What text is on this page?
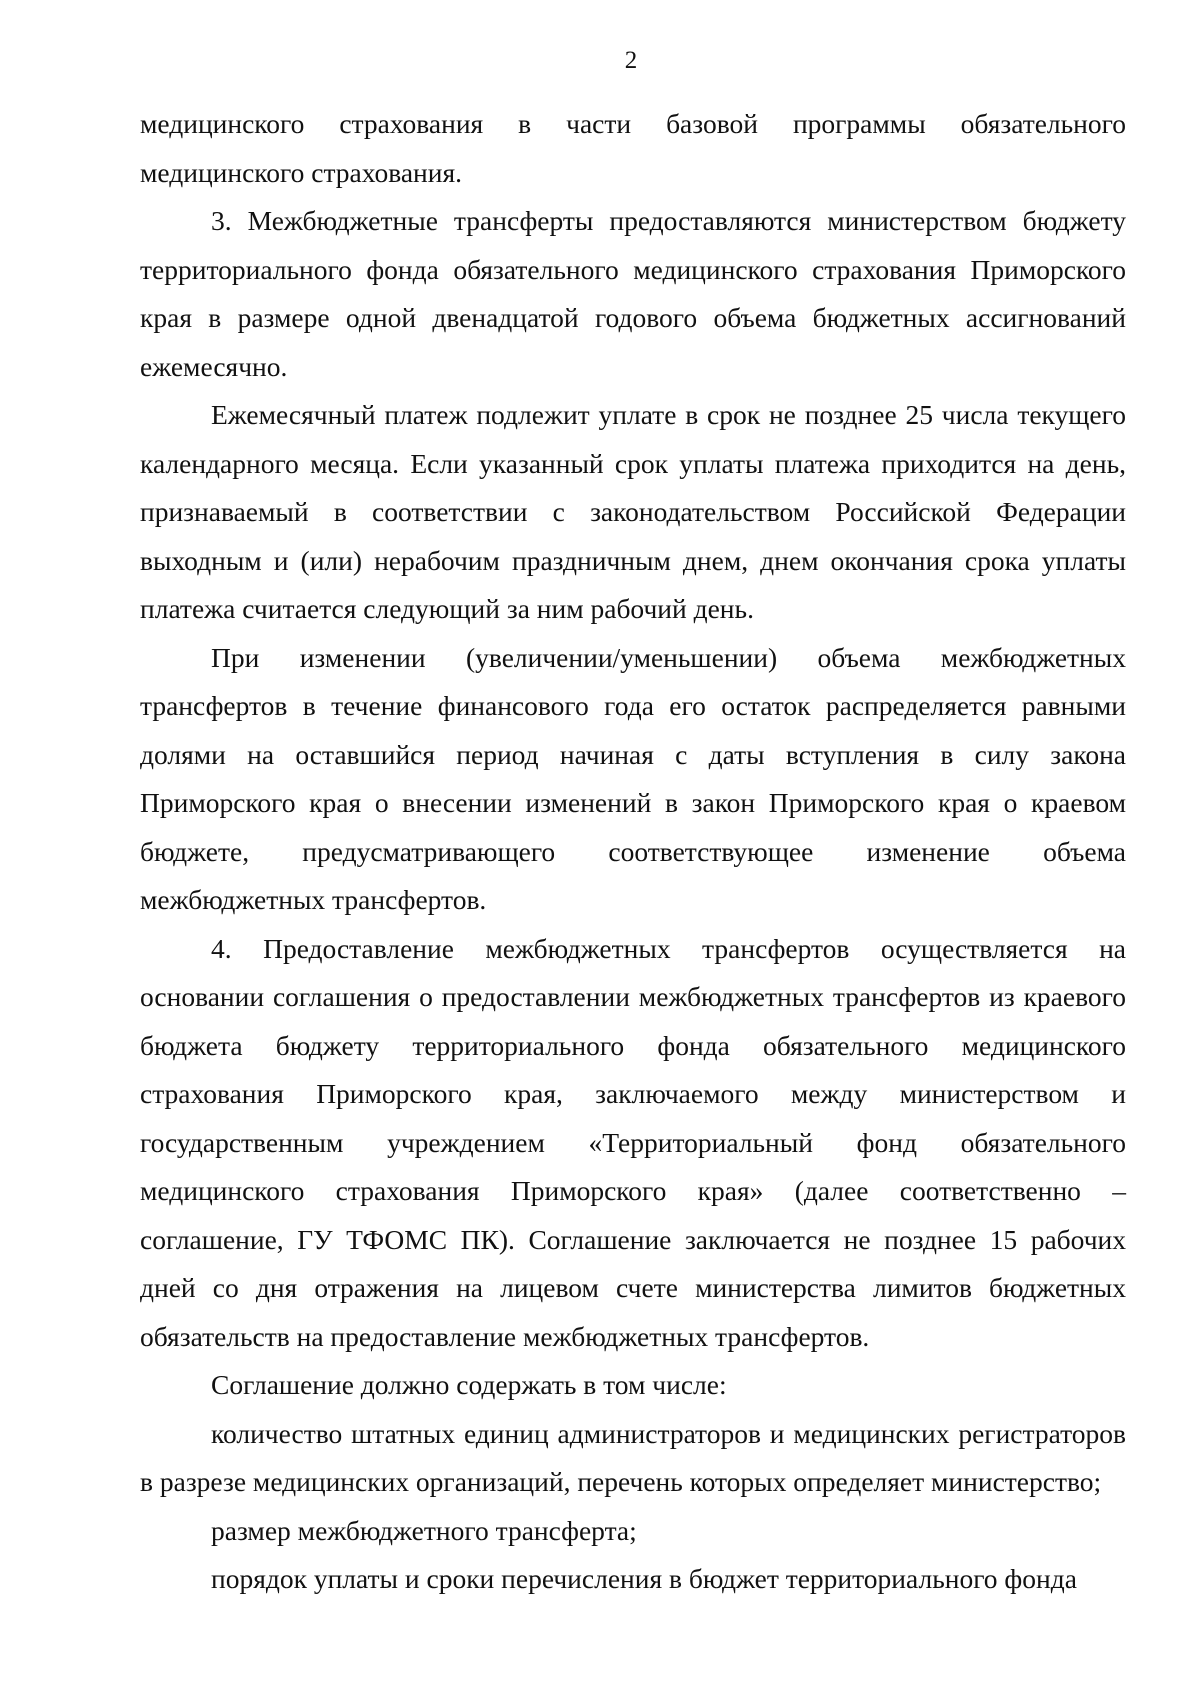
2

медицинского страхования в части базовой программы обязательного медицинского страхования.

3. Межбюджетные трансферты предоставляются министерством бюджету территориального фонда обязательного медицинского страхования Приморского края в размере одной двенадцатой годового объема бюджетных ассигнований ежемесячно.

Ежемесячный платеж подлежит уплате в срок не позднее 25 числа текущего календарного месяца. Если указанный срок уплаты платежа приходится на день, признаваемый в соответствии с законодательством Российской Федерации выходным и (или) нерабочим праздничным днем, днем окончания срока уплаты платежа считается следующий за ним рабочий день.

При изменении (увеличении/уменьшении) объема межбюджетных трансфертов в течение финансового года его остаток распределяется равными долями на оставшийся период начиная с даты вступления в силу закона Приморского края о внесении изменений в закон Приморского края о краевом бюджете, предусматривающего соответствующее изменение объема межбюджетных трансфертов.

4. Предоставление межбюджетных трансфертов осуществляется на основании соглашения о предоставлении межбюджетных трансфертов из краевого бюджета бюджету территориального фонда обязательного медицинского страхования Приморского края, заключаемого между министерством и государственным учреждением «Территориальный фонд обязательного медицинского страхования Приморского края» (далее соответственно – соглашение, ГУ ТФОМС ПК). Соглашение заключается не позднее 15 рабочих дней со дня отражения на лицевом счете министерства лимитов бюджетных обязательств на предоставление межбюджетных трансфертов.

Соглашение должно содержать в том числе:

количество штатных единиц администраторов и медицинских регистраторов в разрезе медицинских организаций, перечень которых определяет министерство;

размер межбюджетного трансферта;

порядок уплаты и сроки перечисления в бюджет территориального фонда
